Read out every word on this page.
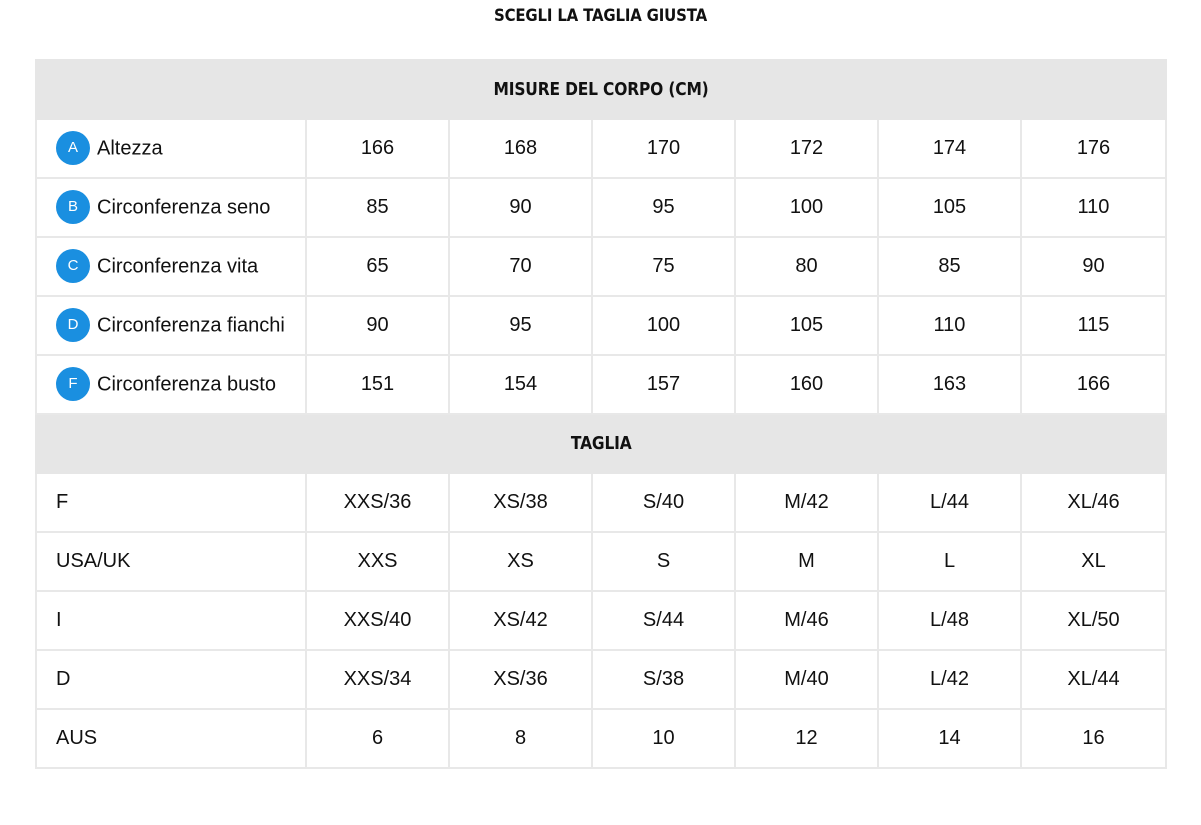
SCEGLI LA TAGLIA GIUSTA
MISURE DEL CORPO (CM)						
A Altezza	166	168	170	172	174	176
B Circonferenza seno	85	90	95	100	105	110
C Circonferenza vita	65	70	75	80	85	90
D Circonferenza fianchi	90	95	100	105	110	115
F Circonferenza busto	151	154	157	160	163	166
TAGLIA						
F	XXS/36	XS/38	S/40	M/42	L/44	XL/46
USA/UK	XXS	XS	S	M	L	XL
I	XXS/40	XS/42	S/44	M/46	L/48	XL/50
D	XXS/34	XS/36	S/38	M/40	L/42	XL/44
AUS	6	8	10	12	14	16
